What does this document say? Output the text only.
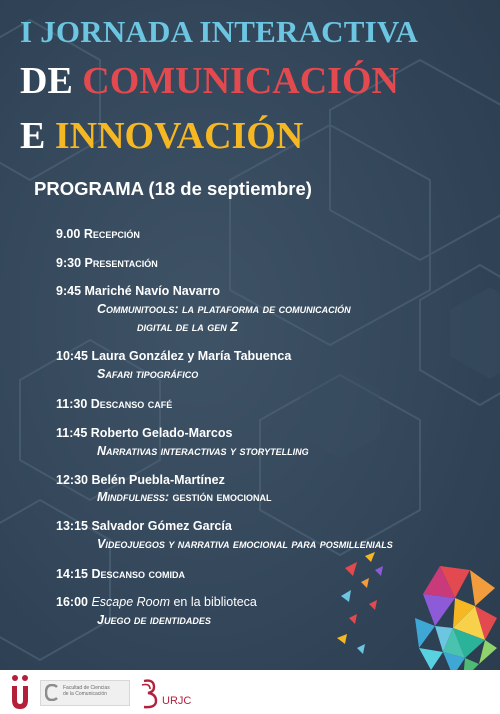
I JORNADA INTERACTIVA
DE COMUNICACIÓN
E INNOVACIÓN
PROGRAMA (18 de septiembre)
9.00 Recepción
9:30 Presentación
9:45 Mariché Navío Navarro
Communitools: la plataforma de comunicación
digital de la gen Z
10:45 Laura González y María Tabuenca
Safari tipográfico
11:30 Descanso café
11:45 Roberto Gelado-Marcos
Narrativas interactivas y storytelling
12:30 Belén Puebla-Martínez
Mindfulness: gestión emocional
13:15 Salvador Gómez García
Videojuegos y narrativa emocional para posmillenials
14:15 Descanso comida
16:00 Escape Room en la biblioteca
Juego de identidades
Facultad de Ciencias
de la Comunicación
URJC
